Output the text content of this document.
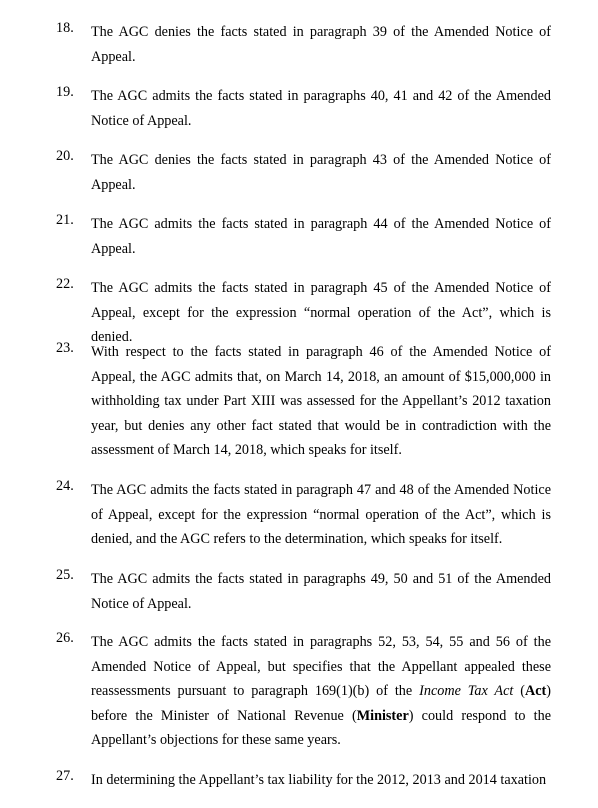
18.	The AGC denies the facts stated in paragraph 39 of the Amended Notice of Appeal.
19.	The AGC admits the facts stated in paragraphs 40, 41 and 42 of the Amended Notice of Appeal.
20.	The AGC denies the facts stated in paragraph 43 of the Amended Notice of Appeal.
21.	The AGC admits the facts stated in paragraph 44 of the Amended Notice of Appeal.
22.	The AGC admits the facts stated in paragraph 45 of the Amended Notice of Appeal, except for the expression “normal operation of the Act”, which is denied.
23.	With respect to the facts stated in paragraph 46 of the Amended Notice of Appeal, the AGC admits that, on March 14, 2018, an amount of $15,000,000 in withholding tax under Part XIII was assessed for the Appellant’s 2012 taxation year, but denies any other fact stated that would be in contradiction with the assessment of March 14, 2018, which speaks for itself.
24.	The AGC admits the facts stated in paragraph 47 and 48 of the Amended Notice of Appeal, except for the expression “normal operation of the Act”, which is denied, and the AGC refers to the determination, which speaks for itself.
25.	The AGC admits the facts stated in paragraphs 49, 50 and 51 of the Amended Notice of Appeal.
26.	The AGC admits the facts stated in paragraphs 52, 53, 54, 55 and 56 of the Amended Notice of Appeal, but specifies that the Appellant appealed these reassessments pursuant to paragraph 169(1)(b) of the Income Tax Act (Act) before the Minister of National Revenue (Minister) could respond to the Appellant’s objections for these same years.
27.	In determining the Appellant’s tax liability for the 2012, 2013 and 2014 taxation
